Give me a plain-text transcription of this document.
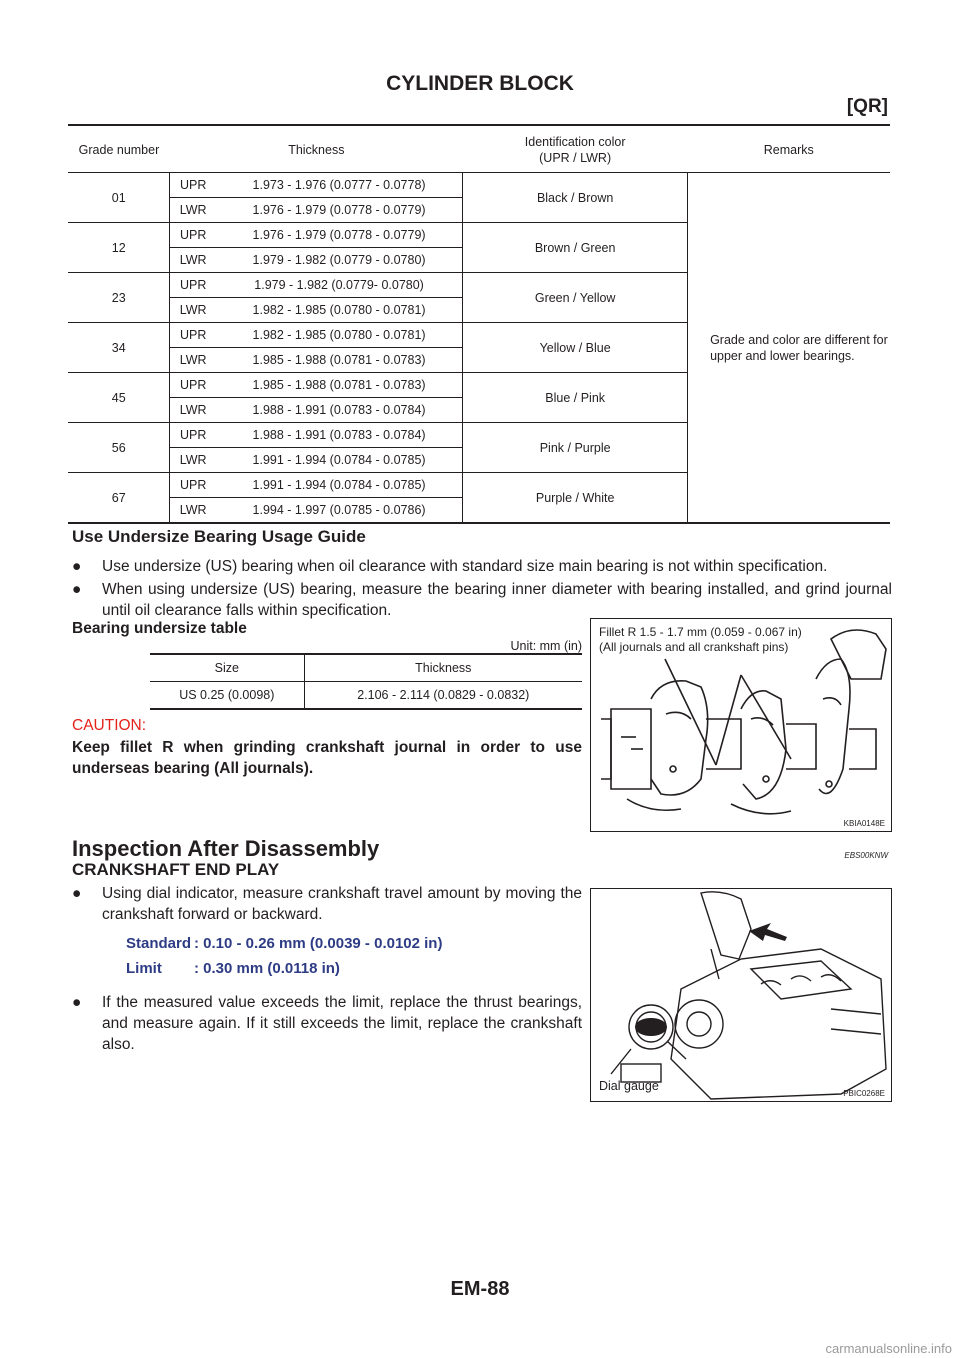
CYLINDER BLOCK
[QR]
Grade number	Thickness		Identification color
(UPR / LWR)	Remarks
01	UPR	1.973 - 1.976 (0.0777 - 0.0778)	Black / Brown	Grade and color are different for upper and lower bearings.
	LWR	1.976 - 1.979 (0.0778 - 0.0779)		
12	UPR	1.976 - 1.979 (0.0778 - 0.0779)	Brown / Green	
	LWR	1.979 - 1.982 (0.0779 - 0.0780)		
23	UPR	1.979 - 1.982 (0.0779- 0.0780)	Green / Yellow	
	LWR	1.982 - 1.985 (0.0780 - 0.0781)		
34	UPR	1.982 - 1.985 (0.0780 - 0.0781)	Yellow / Blue	
	LWR	1.985 - 1.988 (0.0781 - 0.0783)		
45	UPR	1.985 - 1.988 (0.0781 - 0.0783)	Blue / Pink	
	LWR	1.988 - 1.991 (0.0783 - 0.0784)		
56	UPR	1.988 - 1.991 (0.0783 - 0.0784)	Pink / Purple	
	LWR	1.991 - 1.994 (0.0784 - 0.0785)		
67	UPR	1.991 - 1.994 (0.0784 - 0.0785)	Purple / White	
	LWR	1.994 - 1.997 (0.0785 - 0.0786)		
Use Undersize Bearing Usage Guide
● Use undersize (US) bearing when oil clearance with standard size main bearing is not within specification.
● When using undersize (US) bearing, measure the bearing inner diameter with bearing installed, and grind journal until oil clearance falls within specification.
Bearing undersize table
Unit: mm (in)
Size	Thickness
US 0.25 (0.0098)	2.106 - 2.114 (0.0829 - 0.0832)
CAUTION:
Keep fillet R when grinding crankshaft journal in order to use underseas bearing (All journals).
Fillet R 1.5 - 1.7 mm (0.059 - 0.067 in)
(All journals and all crankshaft pins)
KBIA0148E
Inspection After Disassembly	EBS00KNW
CRANKSHAFT END PLAY
● Using dial indicator, measure crankshaft travel amount by moving the crankshaft forward or backward.
Standard : 0.10 - 0.26 mm (0.0039 - 0.0102 in)
Limit : 0.30 mm (0.0118 in)
● If the measured value exceeds the limit, replace the thrust bearings, and measure again. If it still exceeds the limit, replace the crankshaft also.
Dial gauge
PBIC0268E
EM-88
carmanualsonline.info
